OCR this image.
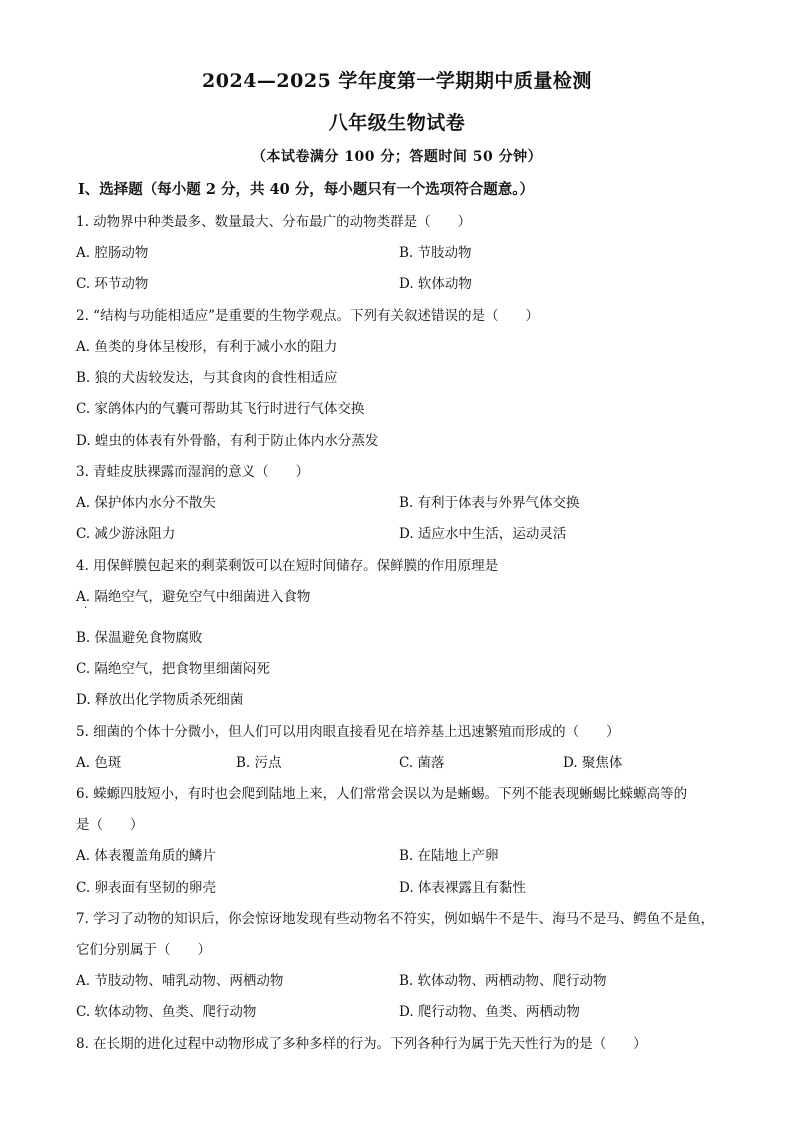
2024—2025 学年度第一学期期中质量检测
八年级生物试卷
（本试卷满分 100 分；答题时间 50 分钟）
Ⅰ、选择题（每小题 2 分，共 40 分，每小题只有一个选项符合题意。）
1. 动物界中种类最多、数量最大、分布最广的动物类群是（　　）
A. 腔肠动物	B. 节肢动物
C. 环节动物	D. 软体动物
2. “结构与功能相适应”是重要的生物学观点。下列有关叙述错误的是（　　）
A. 鱼类的身体呈梭形，有利于减小水的阻力
B. 狼的犬齿较发达，与其食肉的食性相适应
C. 家鸽体内的气囊可帮助其飞行时进行气体交换
D. 蝗虫的体表有外骨骼，有利于防止体内水分蒸发
3. 青蛙皮肤裸露而湿润的意义（　　）
A. 保护体内水分不散失	B. 有利于体表与外界气体交换
C. 减少游泳阻力	D. 适应水中生活，运动灵活
4. 用保鲜膜包起来的剩菜剩饭可以在短时间储存。保鲜膜的作用原理是
A. 隔绝空气，避免空气中细菌进入食物
·
B. 保温避免食物腐败
C. 隔绝空气，把食物里细菌闷死
D. 释放出化学物质杀死细菌
5. 细菌的个体十分微小，但人们可以用肉眼直接看见在培养基上迅速繁殖而形成的（　　）
A. 色斑	B. 污点	C. 菌落	D. 聚焦体
6. 蝾螈四肢短小，有时也会爬到陆地上来，人们常常会误以为是蜥蜴。下列不能表现蜥蜴比蝾螈高等的
是（　　）
A. 体表覆盖角质的鳞片	B. 在陆地上产卵
C. 卵表面有坚韧的卵壳	D. 体表裸露且有黏性
7. 学习了动物的知识后，你会惊讶地发现有些动物名不符实，例如蜗牛不是牛、海马不是马、鳄鱼不是鱼，
它们分别属于（　　）
A. 节肢动物、哺乳动物、两栖动物	B. 软体动物、两栖动物、爬行动物
C. 软体动物、鱼类、爬行动物	D. 爬行动物、鱼类、两栖动物
8. 在长期的进化过程中动物形成了多种多样的行为。下列各种行为属于先天性行为的是（　　）
